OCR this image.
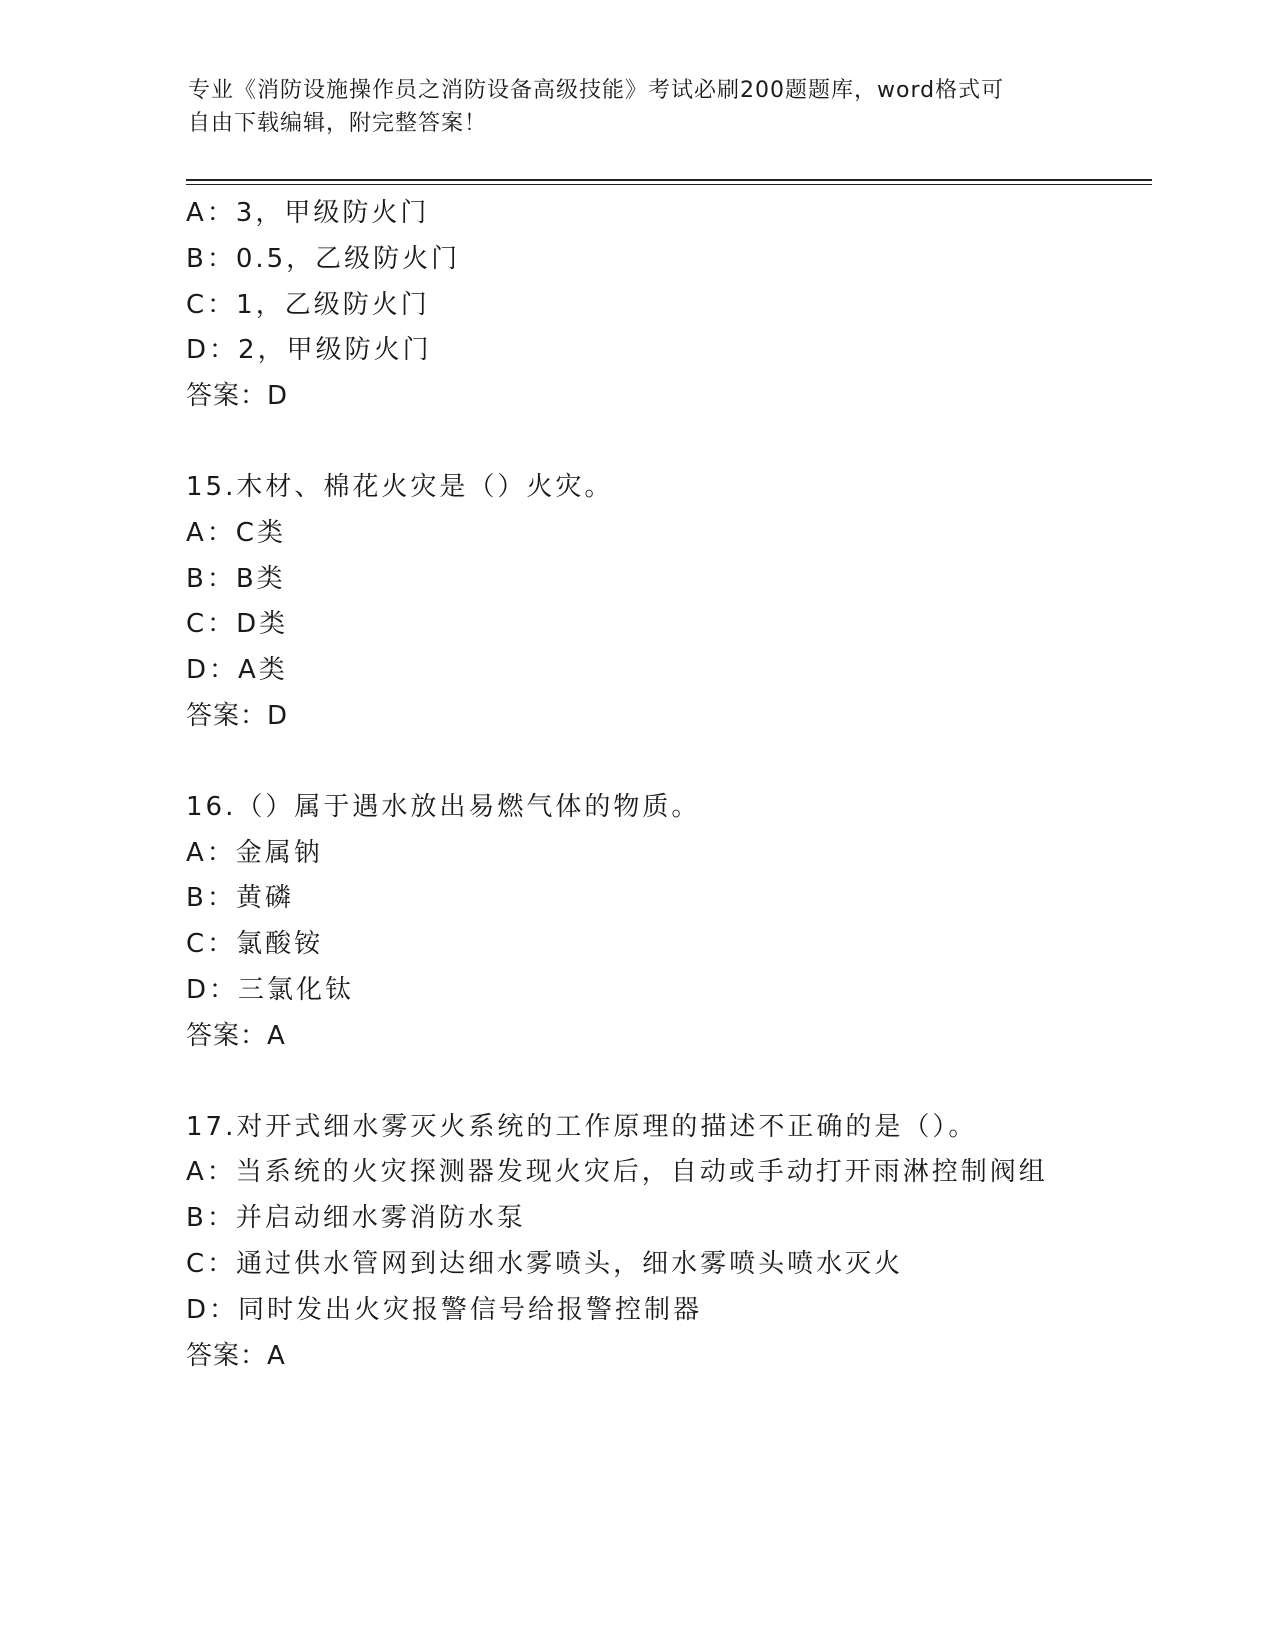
专业《消防设施操作员之消防设备高级技能》考试必刷200题题库，word格式可
自由下载编辑，附完整答案！
A：3，甲级防火门
B：0.5，乙级防火门
C：1，乙级防火门
D：2，甲级防火门
答案：D
15.木材、棉花火灾是（）火灾。
A：C类
B：B类
C：D类
D：A类
答案：D
16.（）属于遇水放出易燃气体的物质。
A：金属钠
B：黄磷
C：氯酸铵
D：三氯化钛
答案：A
17.对开式细水雾灭火系统的工作原理的描述不正确的是（）。
A：当系统的火灾探测器发现火灾后，自动或手动打开雨淋控制阀组
B：并启动细水雾消防水泵
C：通过供水管网到达细水雾喷头，细水雾喷头喷水灭火
D：同时发出火灾报警信号给报警控制器
答案：A
